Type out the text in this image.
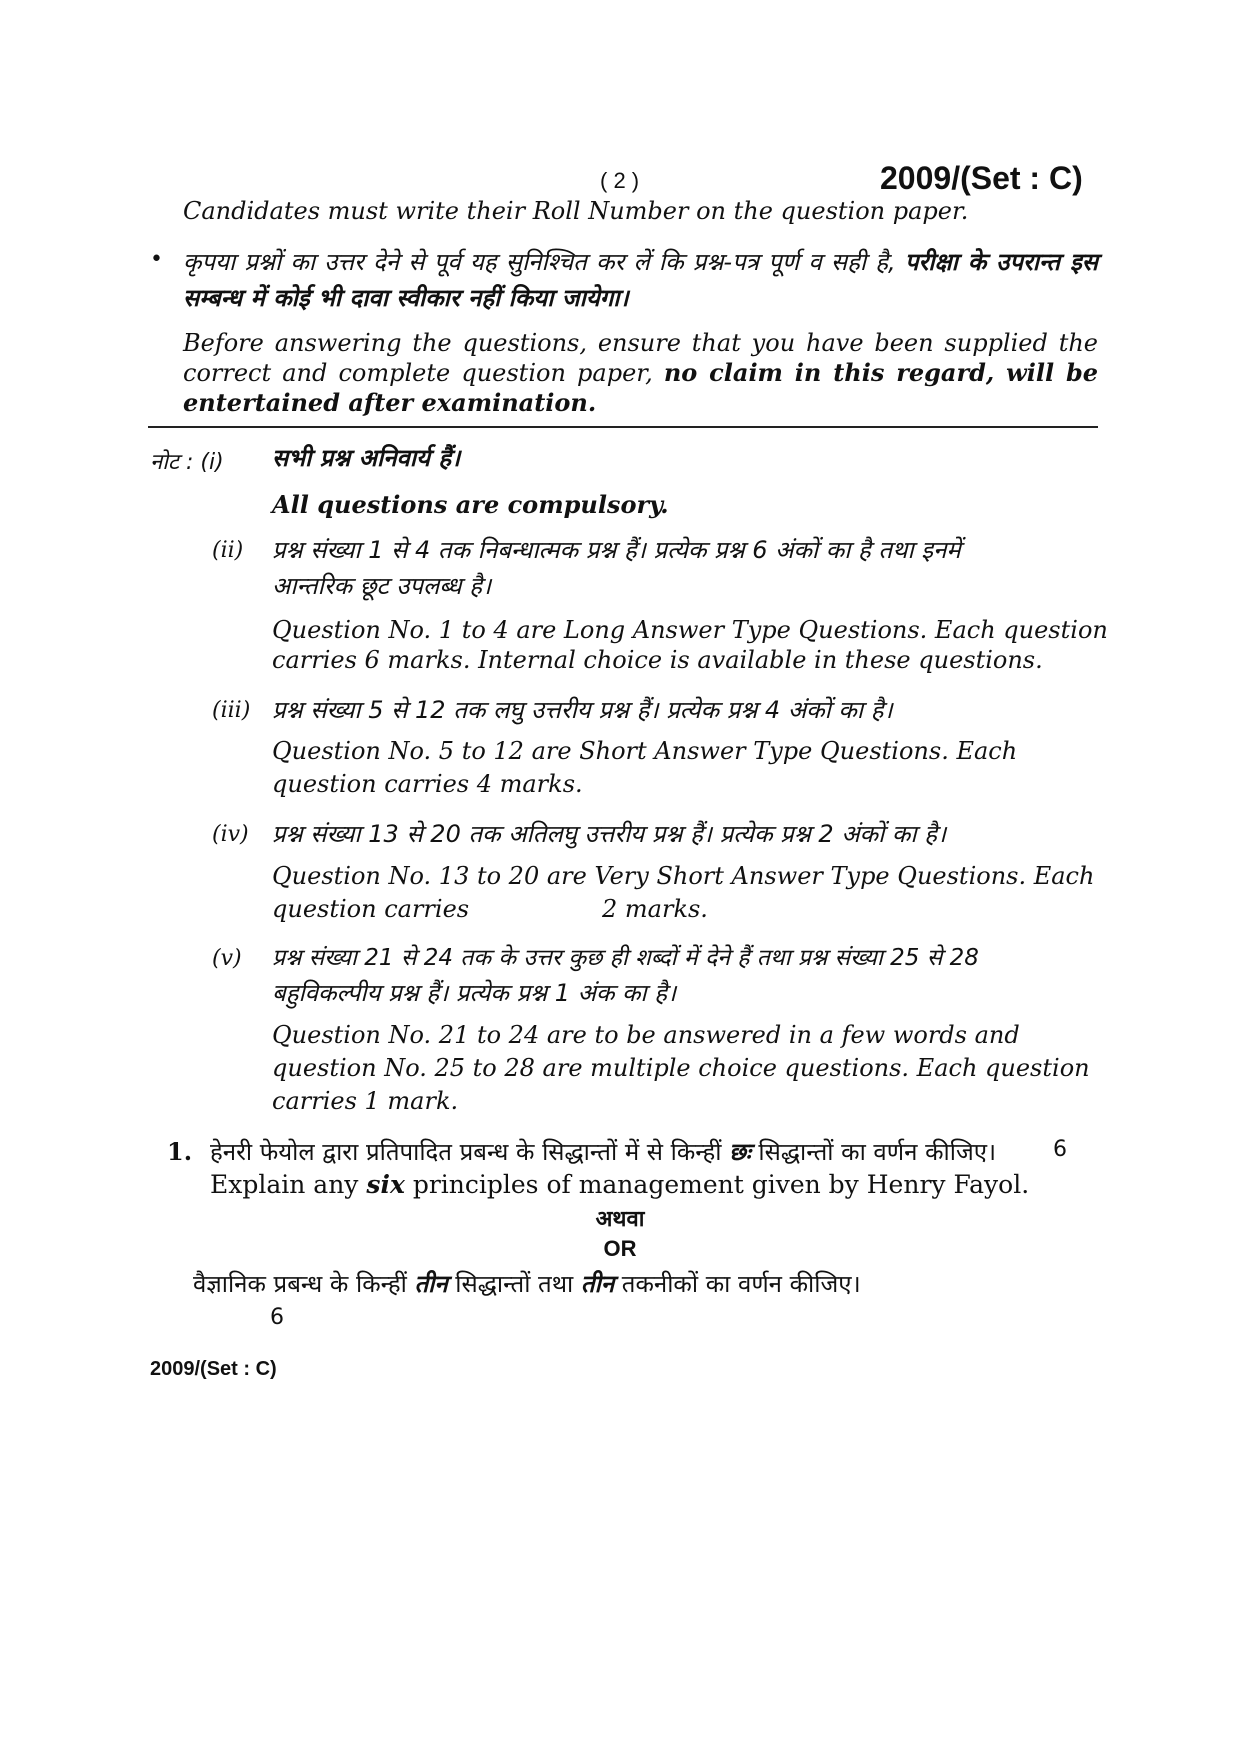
( 2 )	2009/(Set : C)
Candidates must write their Roll Number on the question paper.
• कृपया प्रश्नों का उत्तर देने से पूर्व यह सुनिश्चित कर लें कि प्रश्न-पत्र पूर्ण व सही है, परीक्षा के उपरान्त इस सम्बन्ध में कोई भी दावा स्वीकार नहीं किया जायेगा।
Before answering the questions, ensure that you have been supplied the correct and complete question paper, no claim in this regard, will be entertained after examination.
नोट : (i) सभी प्रश्न अनिवार्य हैं।
All questions are compulsory.
(ii) प्रश्न संख्या 1 से 4 तक निबन्धात्मक प्रश्न हैं। प्रत्येक प्रश्न 6 अंकों का है तथा इनमें
आन्तरिक छूट उपलब्ध है।
Question No. 1 to 4 are Long Answer Type Questions. Each question
carries 6 marks. Internal choice is available in these questions.
(iii) प्रश्न संख्या 5 से 12 तक लघु उत्तरीय प्रश्न हैं। प्रत्येक प्रश्न 4 अंकों का है।
Question No. 5 to 12 are Short Answer Type Questions. Each
question carries 4 marks.
(iv) प्रश्न संख्या 13 से 20 तक अतिलघु उत्तरीय प्रश्न हैं। प्रत्येक प्रश्न 2 अंकों का है।
Question No. 13 to 20 are Very Short Answer Type Questions. Each
question carries	2 marks.
(v) प्रश्न संख्या 21 से 24 तक के उत्तर कुछ ही शब्दों में देने हैं तथा प्रश्न संख्या 25 से 28
बहुविकल्पीय प्रश्न हैं। प्रत्येक प्रश्न 1 अंक का है।
Question No. 21 to 24 are to be answered in a few words and
question No. 25 to 28 are multiple choice questions. Each question
carries 1 mark.
1. हेनरी फेयोल द्वारा प्रतिपादित प्रबन्ध के सिद्धान्तों में से किन्हीं छः सिद्धान्तों का वर्णन कीजिए।	6
Explain any six principles of management given by Henry Fayol.
अथवा
OR
वैज्ञानिक प्रबन्ध के किन्हीं तीन सिद्धान्तों तथा तीन तकनीकों का वर्णन कीजिए।
6
2009/(Set : C)
